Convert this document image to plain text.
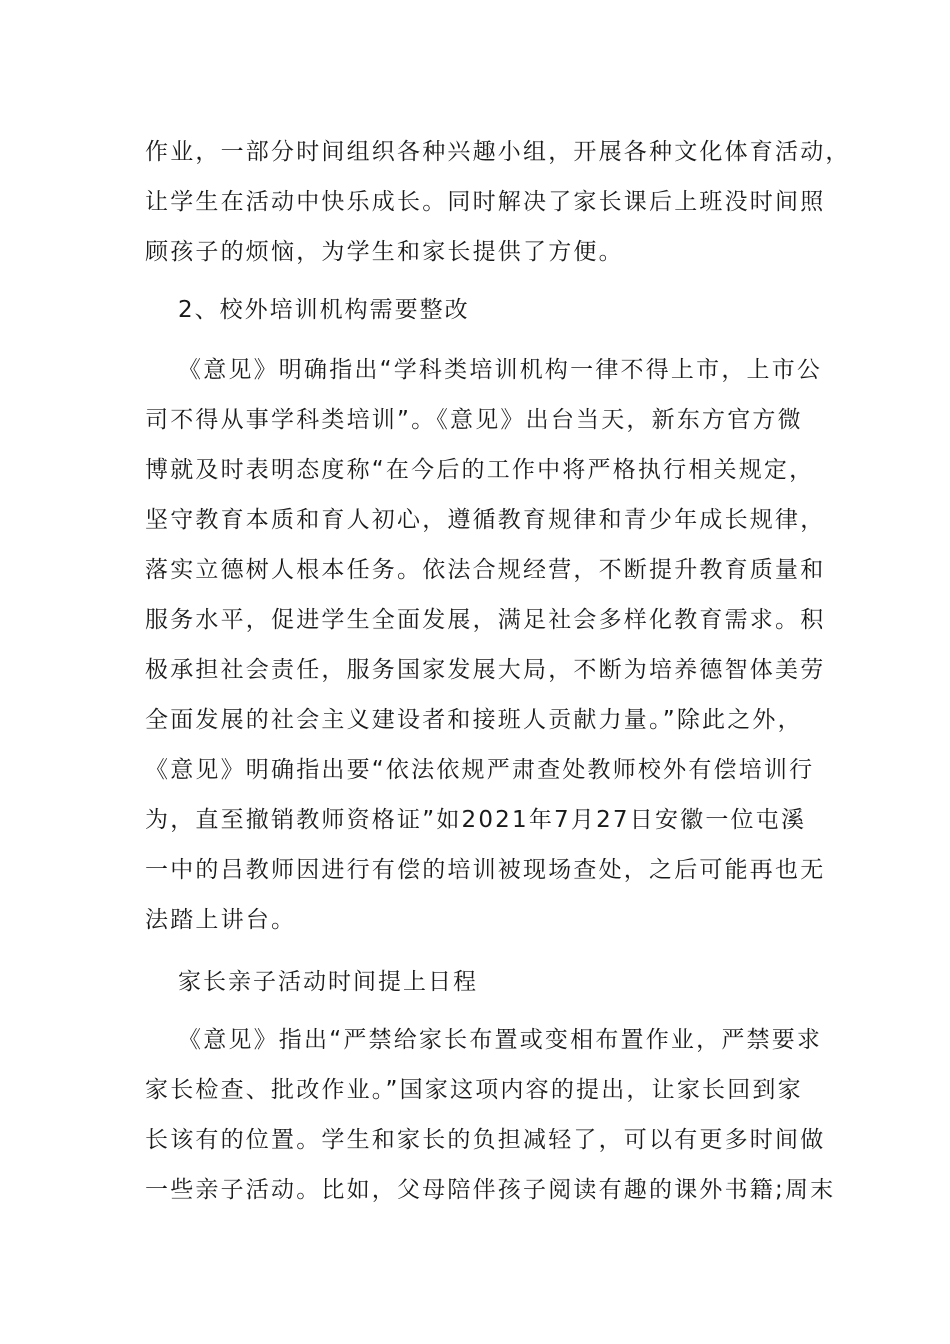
作业，一部分时间组织各种兴趣小组，开展各种文化体育活动，
让学生在活动中快乐成长。同时解决了家长课后上班没时间照
顾孩子的烦恼，为学生和家长提供了方便。
2、校外培训机构需要整改
《意见》明确指出“学科类培训机构一律不得上市，上市公
司不得从事学科类培训”。《意见》出台当天，新东方官方微
博就及时表明态度称“在今后的工作中将严格执行相关规定，
坚守教育本质和育人初心，遵循教育规律和青少年成长规律，
落实立德树人根本任务。依法合规经营，不断提升教育质量和
服务水平，促进学生全面发展，满足社会多样化教育需求。积
极承担社会责任，服务国家发展大局，不断为培养德智体美劳
全面发展的社会主义建设者和接班人贡献力量。”除此之外，
《意见》明确指出要“依法依规严肃查处教师校外有偿培训行
为，直至撤销教师资格证”如2021年7月27日安徽一位屯溪
一中的吕教师因进行有偿的培训被现场查处，之后可能再也无
法踏上讲台。
家长亲子活动时间提上日程
《意见》指出“严禁给家长布置或变相布置作业，严禁要求
家长检查、批改作业。”国家这项内容的提出，让家长回到家
长该有的位置。学生和家长的负担减轻了，可以有更多时间做
一些亲子活动。比如，父母陪伴孩子阅读有趣的课外书籍;周末
